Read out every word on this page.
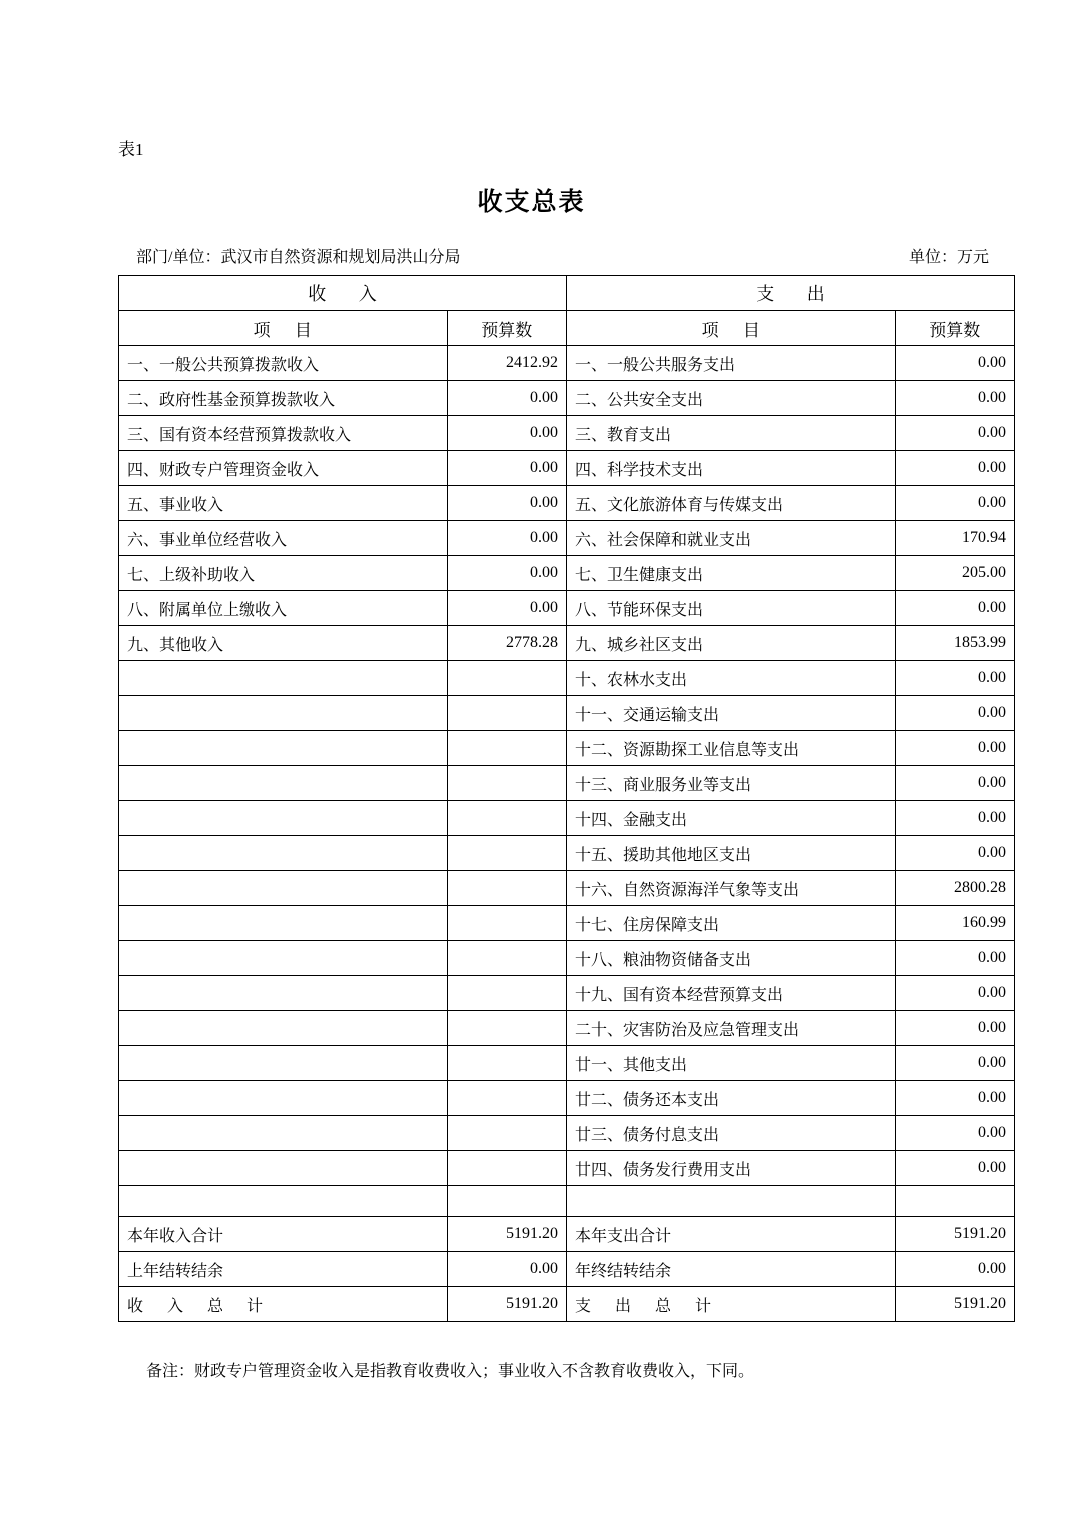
表1
收支总表
部门/单位：武汉市自然资源和规划局洪山分局	单位：万元
收 入		支 出	
项 目	预算数	项 目	预算数
一、一般公共预算拨款收入	2412.92	一、一般公共服务支出	0.00
二、政府性基金预算拨款收入	0.00	二、公共安全支出	0.00
三、国有资本经营预算拨款收入	0.00	三、教育支出	0.00
四、财政专户管理资金收入	0.00	四、科学技术支出	0.00
五、事业收入	0.00	五、文化旅游体育与传媒支出	0.00
六、事业单位经营收入	0.00	六、社会保障和就业支出	170.94
七、上级补助收入	0.00	七、卫生健康支出	205.00
八、附属单位上缴收入	0.00	八、节能环保支出	0.00
九、其他收入	2778.28	九、城乡社区支出	1853.99
		十、农林水支出	0.00
		十一、交通运输支出	0.00
		十二、资源勘探工业信息等支出	0.00
		十三、商业服务业等支出	0.00
		十四、金融支出	0.00
		十五、援助其他地区支出	0.00
		十六、自然资源海洋气象等支出	2800.28
		十七、住房保障支出	160.99
		十八、粮油物资储备支出	0.00
		十九、国有资本经营预算支出	0.00
		二十、灾害防治及应急管理支出	0.00
		廿一、其他支出	0.00
		廿二、债务还本支出	0.00
		廿三、债务付息支出	0.00
		廿四、债务发行费用支出	0.00

本年收入合计	5191.20	本年支出合计	5191.20
上年结转结余	0.00	年终结转结余	0.00
收 入 总 计	5191.20	支 出 总 计	5191.20
备注：财政专户管理资金收入是指教育收费收入；事业收入不含教育收费收入，下同。
